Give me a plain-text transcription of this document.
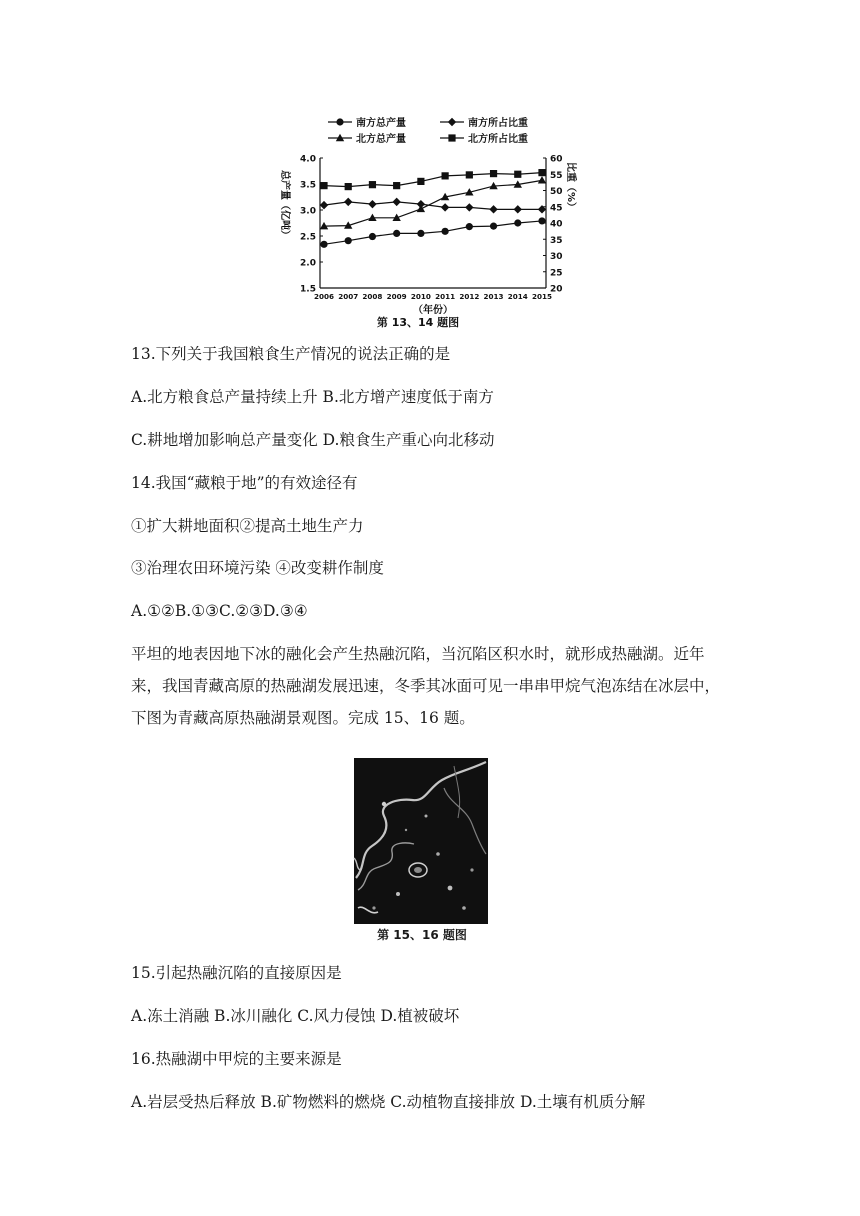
1.5
2.0
2.5
3.0
3.5
4.0
20
25
30
35
40
45
50
55
60
2006 2007 2008 2009 2010 2011 2012 2013 2014 2015
（年份）
总产量（亿吨）	比重（%）
南方总产量	南方所占比重
北方总产量	北方所占比重
第 13、14 题图
13.下列关于我国粮食生产情况的说法正确的是
A.北方粮食总产量持续上升 B.北方增产速度低于南方
C.耕地增加影响总产量变化 D.粮食生产重心向北移动
14.我国“藏粮于地”的有效途径有
①扩大耕地面积②提高土地生产力
③治理农田环境污染 ④改变耕作制度
A.①②B.①③C.②③D.③④
平坦的地表因地下冰的融化会产生热融沉陷，当沉陷区积水时，就形成热融湖。近年来，我国青藏高原的热融湖发展迅速，冬季其冰面可见一串串甲烷气泡冻结在冰层中，下图为青藏高原热融湖景观图。完成 15、16 题。
第 15、16 题图
15.引起热融沉陷的直接原因是
A.冻土消融 B.冰川融化 C.风力侵蚀 D.植被破坏
16.热融湖中甲烷的主要来源是
A.岩层受热后释放 B.矿物燃料的燃烧 C.动植物直接排放 D.土壤有机质分解
